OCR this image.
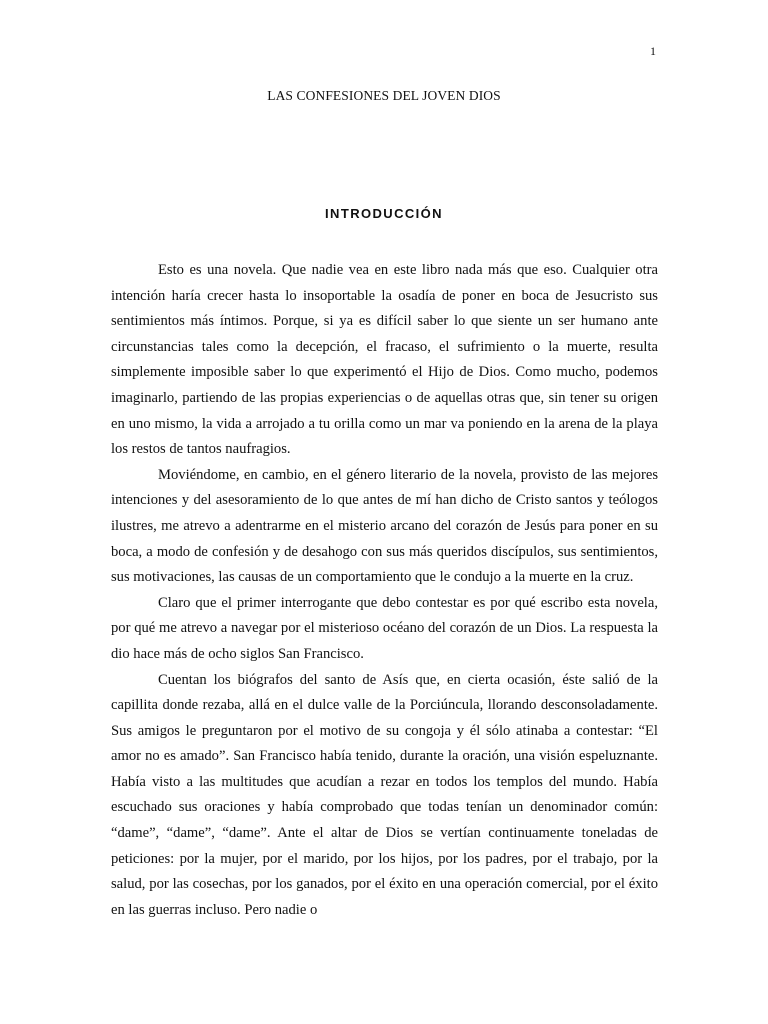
1
LAS CONFESIONES DEL JOVEN DIOS
INTRODUCCIÓN

Esto es una novela. Que nadie vea en este libro nada más que eso. Cualquier otra intención haría crecer hasta lo insoportable la osadía de poner en boca de Jesucristo sus sentimientos más íntimos. Porque, si ya es difícil saber lo que siente un ser humano ante circunstancias tales como la decepción, el fracaso, el sufrimiento o la muerte, resulta simplemente imposible saber lo que experimentó el Hijo de Dios. Como mucho, podemos imaginarlo, partiendo de las propias experiencias o de aquellas otras que, sin tener su origen en uno mismo, la vida a arrojado a tu orilla como un mar va poniendo en la arena de la playa los restos de tantos naufragios.

Moviéndome, en cambio, en el género literario de la novela, provisto de las mejores intenciones y del asesoramiento de lo que antes de mí han dicho de Cristo santos y teólogos ilustres, me atrevo a adentrarme en el misterio arcano del corazón de Jesús para poner en su boca, a modo de confesión y de desahogo con sus más queridos discípulos, sus sentimientos, sus motivaciones, las causas de un comportamiento que le condujo a la muerte en la cruz.

Claro que el primer interrogante que debo contestar es por qué escribo esta novela, por qué me atrevo a navegar por el misterioso océano del corazón de un Dios. La respuesta la dio hace más de ocho siglos San Francisco.

Cuentan los biógrafos del santo de Asís que, en cierta ocasión, éste salió de la capillita donde rezaba, allá en el dulce valle de la Porciúncula, llorando desconsoladamente. Sus amigos le preguntaron por el motivo de su congoja y él sólo atinaba a contestar: “El amor no es amado”. San Francisco había tenido, durante la oración, una visión espeluznante. Había visto a las multitudes que acudían a rezar en todos los templos del mundo. Había escuchado sus oraciones y había comprobado que todas tenían un denominador común: “dame”, “dame”, “dame”. Ante el altar de Dios se vertían continuamente toneladas de peticiones: por la mujer, por el marido, por los hijos, por los padres, por el trabajo, por la salud, por las cosechas, por los ganados, por el éxito en una operación comercial, por el éxito en las guerras incluso. Pero nadie o
